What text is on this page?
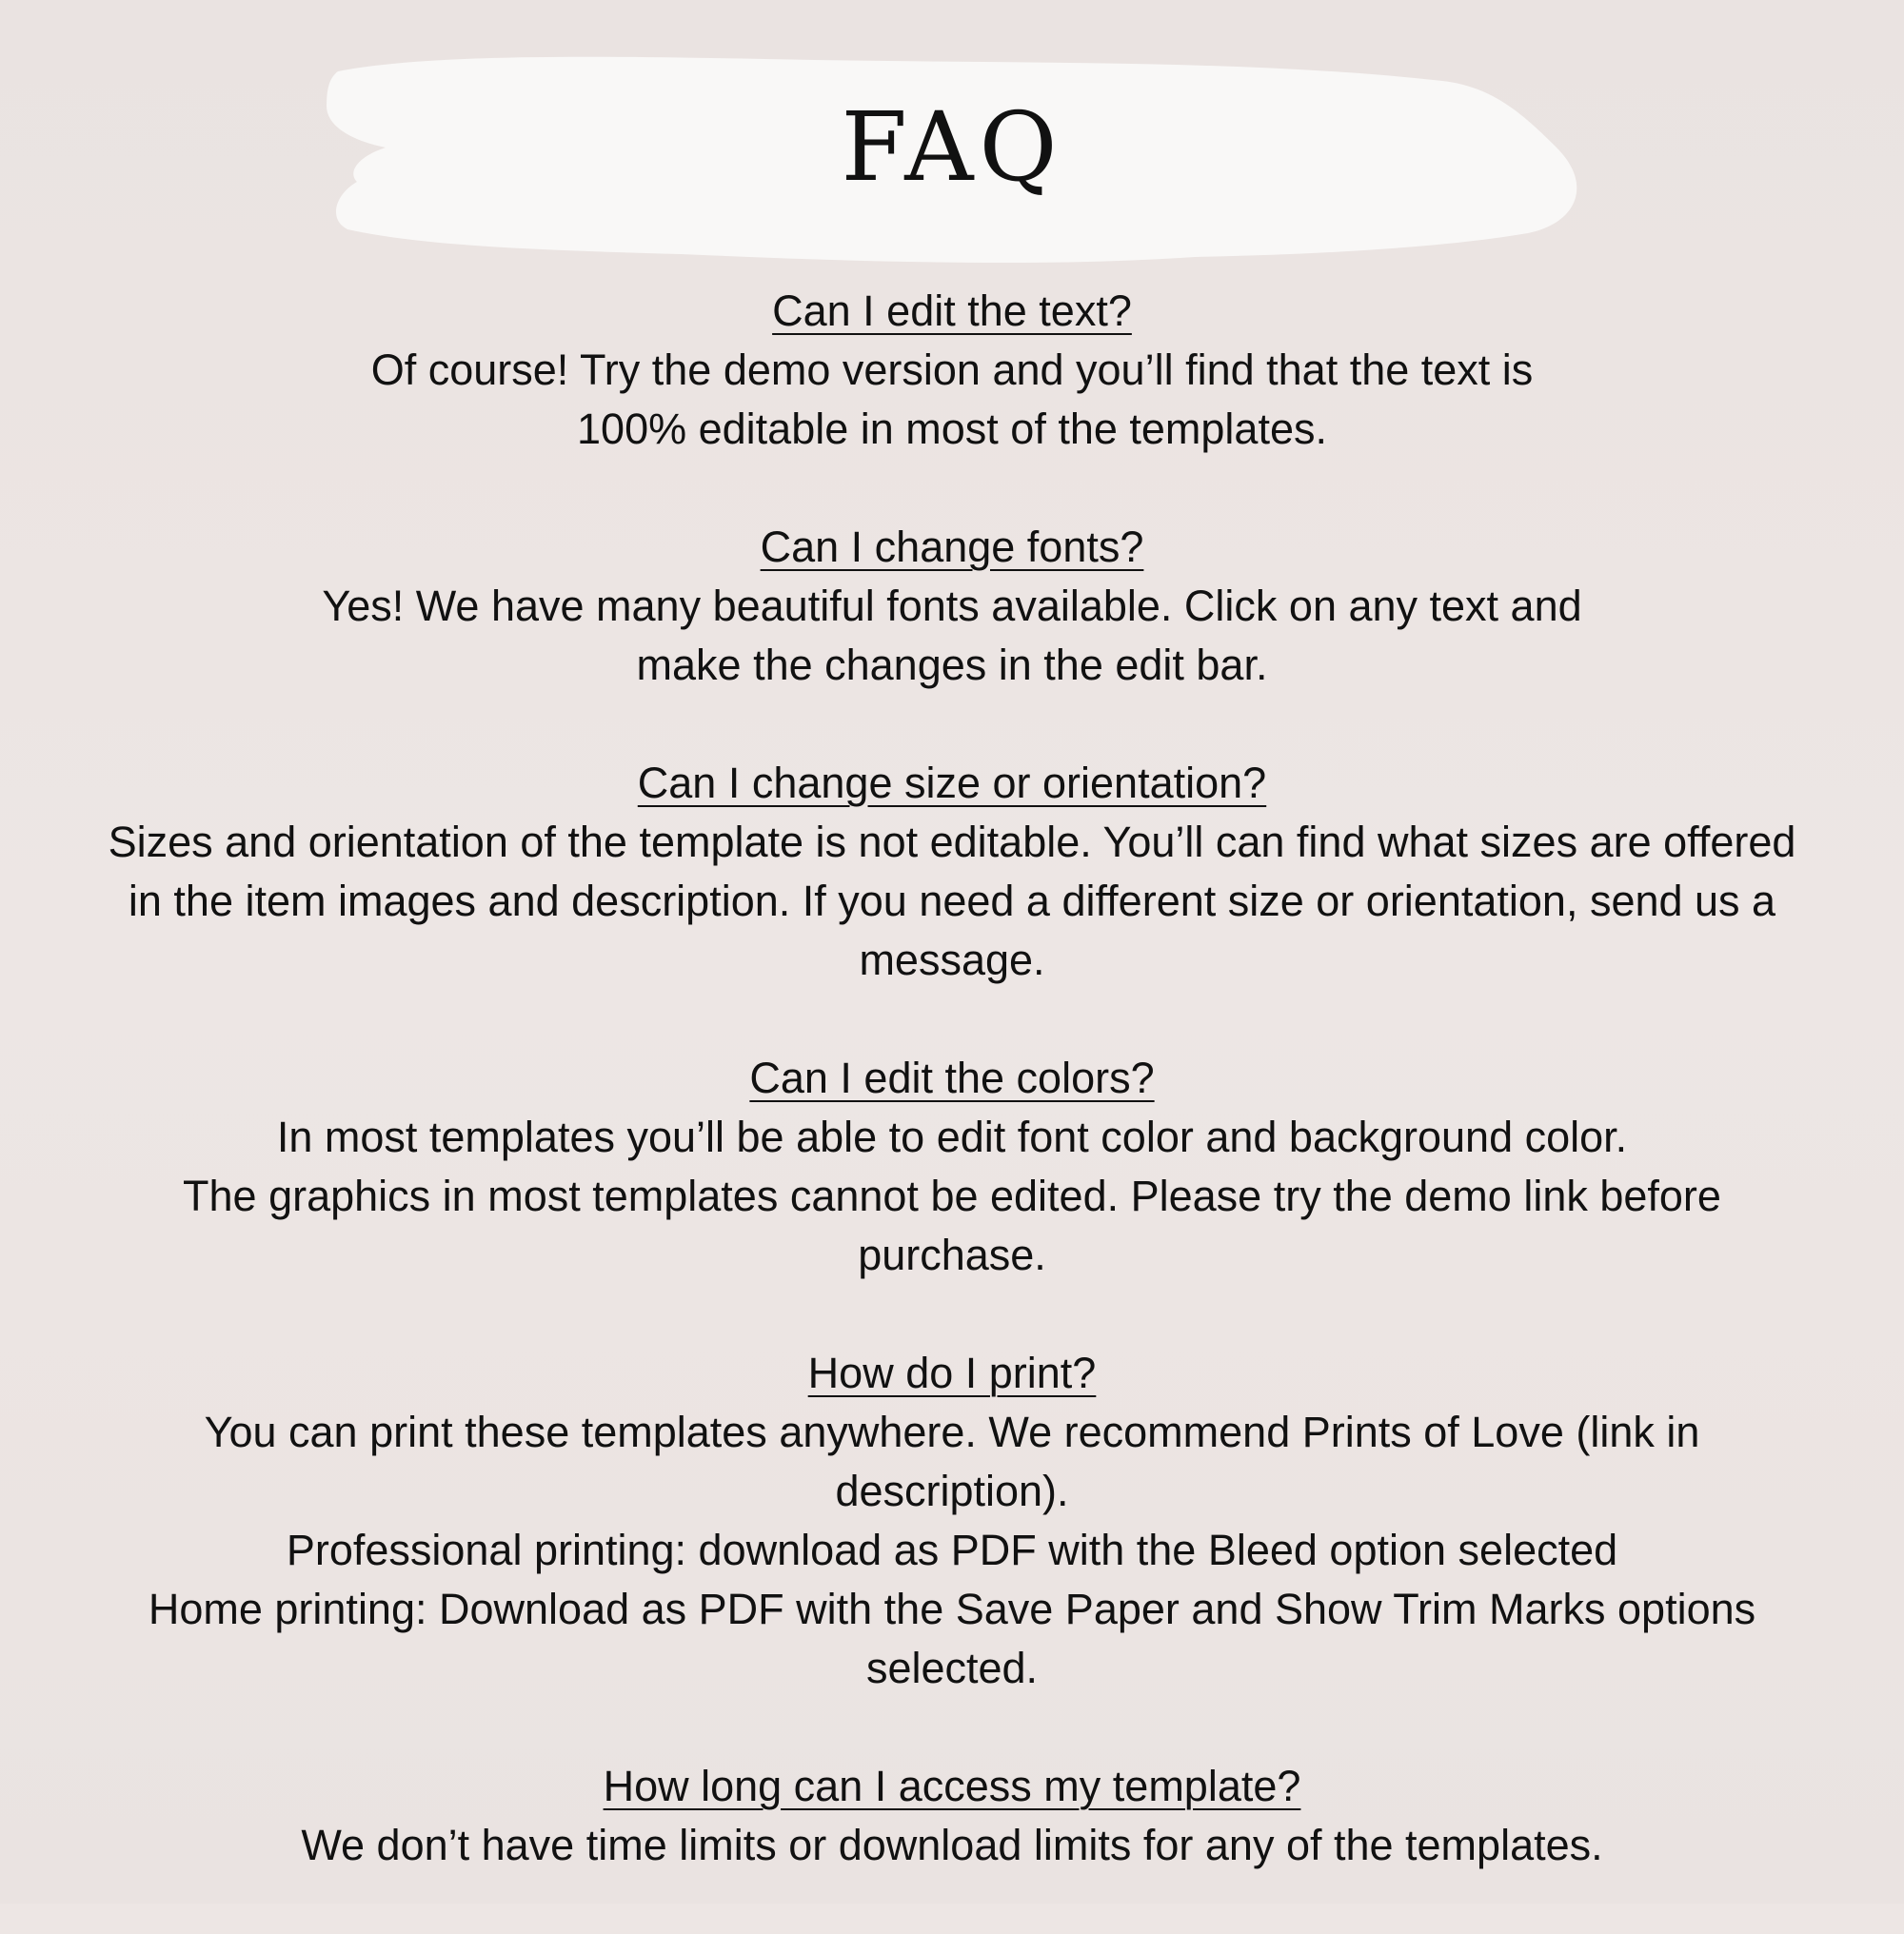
FAQ

Can I edit the text?

Of course! Try the demo version and you’ll find that the text is
100% editable in most of the templates.

Can I change fonts?

Yes! We have many beautiful fonts available. Click on any text and
make the changes in the edit bar.

Can I change size or orientation?

Sizes and orientation of the template is not editable. You’ll can find what sizes are offered
in the item images and description. If you need a different size or orientation, send us a
message.

Can I edit the colors?

In most templates you’ll be able to edit font color and background color.
The graphics in most templates cannot be edited. Please try the demo link before
purchase.

How do I print?

You can print these templates anywhere. We recommend Prints of Love (link in
description).
Professional printing: download as PDF with the Bleed option selected
Home printing: Download as PDF with the Save Paper and Show Trim Marks options
selected.

How long can I access my template?

We don’t have time limits or download limits for any of the templates.
